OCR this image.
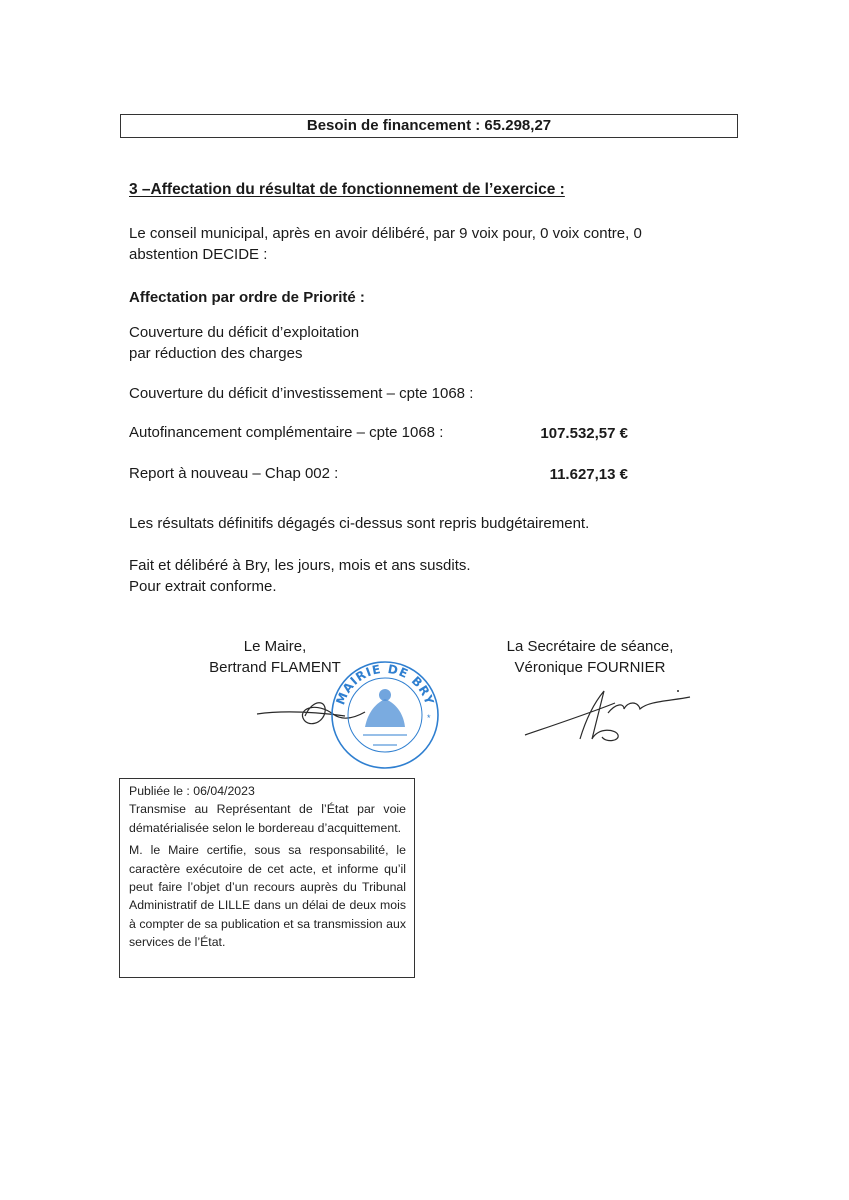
Besoin de financement : 65.298,27
3 –Affectation du résultat de fonctionnement de l’exercice :
Le conseil municipal, après en avoir délibéré, par 9 voix pour, 0 voix contre, 0
abstention DECIDE :
Affectation par ordre de Priorité :
Couverture du déficit d’exploitation
par réduction des charges
Couverture du déficit d’investissement – cpte 1068 :
Autofinancement complémentaire – cpte 1068 :	107.532,57 €
Report à nouveau – Chap 002 :	11.627,13 €
Les résultats définitifs dégagés ci-dessus sont repris budgétairement.
Fait et délibéré à Bry, les jours, mois et ans susdits.
Pour extrait conforme.
Le Maire,
Bertrand FLAMENT
La Secrétaire de séance,
Véronique FOURNIER
*
MAIRIE DE BRY

Publiée le : 06/04/2023

Transmise au Représentant de l’État par voie dématérialisée selon le bordereau d’acquittement.

M. le Maire certifie, sous sa responsabilité, le caractère exécutoire de cet acte, et informe qu’il peut faire l’objet d’un recours auprès du Tribunal Administratif de LILLE dans un délai de deux mois à compter de sa publication et sa transmission aux services de l’État.
